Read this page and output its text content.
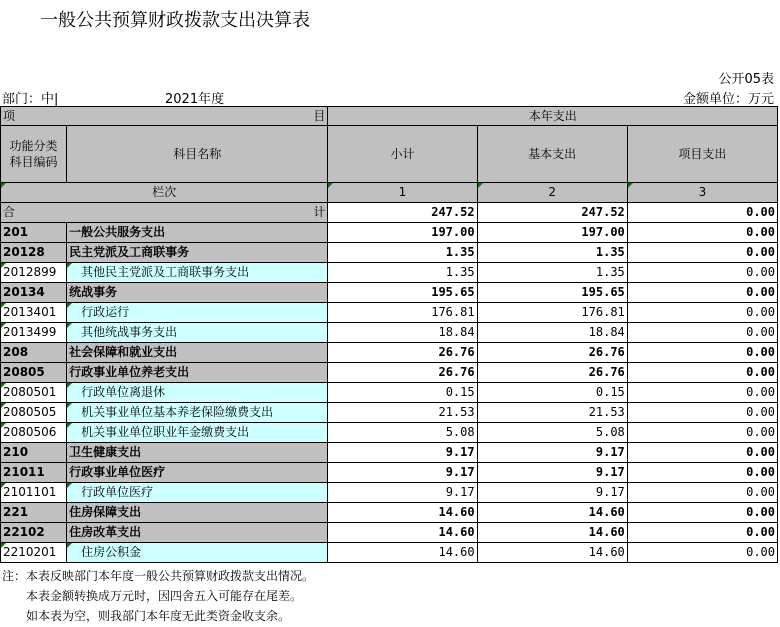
一般公共预算财政拨款支出决算表
公开05表
部门：中|	2021年度	金额单位：万元
项 目		本年支出		

功能分类
科目编码	科目名称	小计	基本支出	项目支出
栏次		1	2	3
合 计		247.52	247.52	0.00
201	一般公共服务支出	197.00	197.00	0.00
20128	民主党派及工商联事务	1.35	1.35	0.00
2012899	其他民主党派及工商联事务支出	1.35	1.35	0.00
20134	统战事务	195.65	195.65	0.00
2013401	行政运行	176.81	176.81	0.00
2013499	其他统战事务支出	18.84	18.84	0.00
208	社会保障和就业支出	26.76	26.76	0.00
20805	行政事业单位养老支出	26.76	26.76	0.00
2080501	行政单位离退休	0.15	0.15	0.00
2080505	机关事业单位基本养老保险缴费支出	21.53	21.53	0.00
2080506	机关事业单位职业年金缴费支出	5.08	5.08	0.00
210	卫生健康支出	9.17	9.17	0.00
21011	行政事业单位医疗	9.17	9.17	0.00
2101101	行政单位医疗	9.17	9.17	0.00
221	住房保障支出	14.60	14.60	0.00
22102	住房改革支出	14.60	14.60	0.00
2210201	住房公积金	14.60	14.60	0.00
注：本表反映部门本年度一般公共预算财政拨款支出情况。
　　本表金额转换成万元时，因四舍五入可能存在尾差。
　　如本表为空，则我部门本年度无此类资金收支余。
